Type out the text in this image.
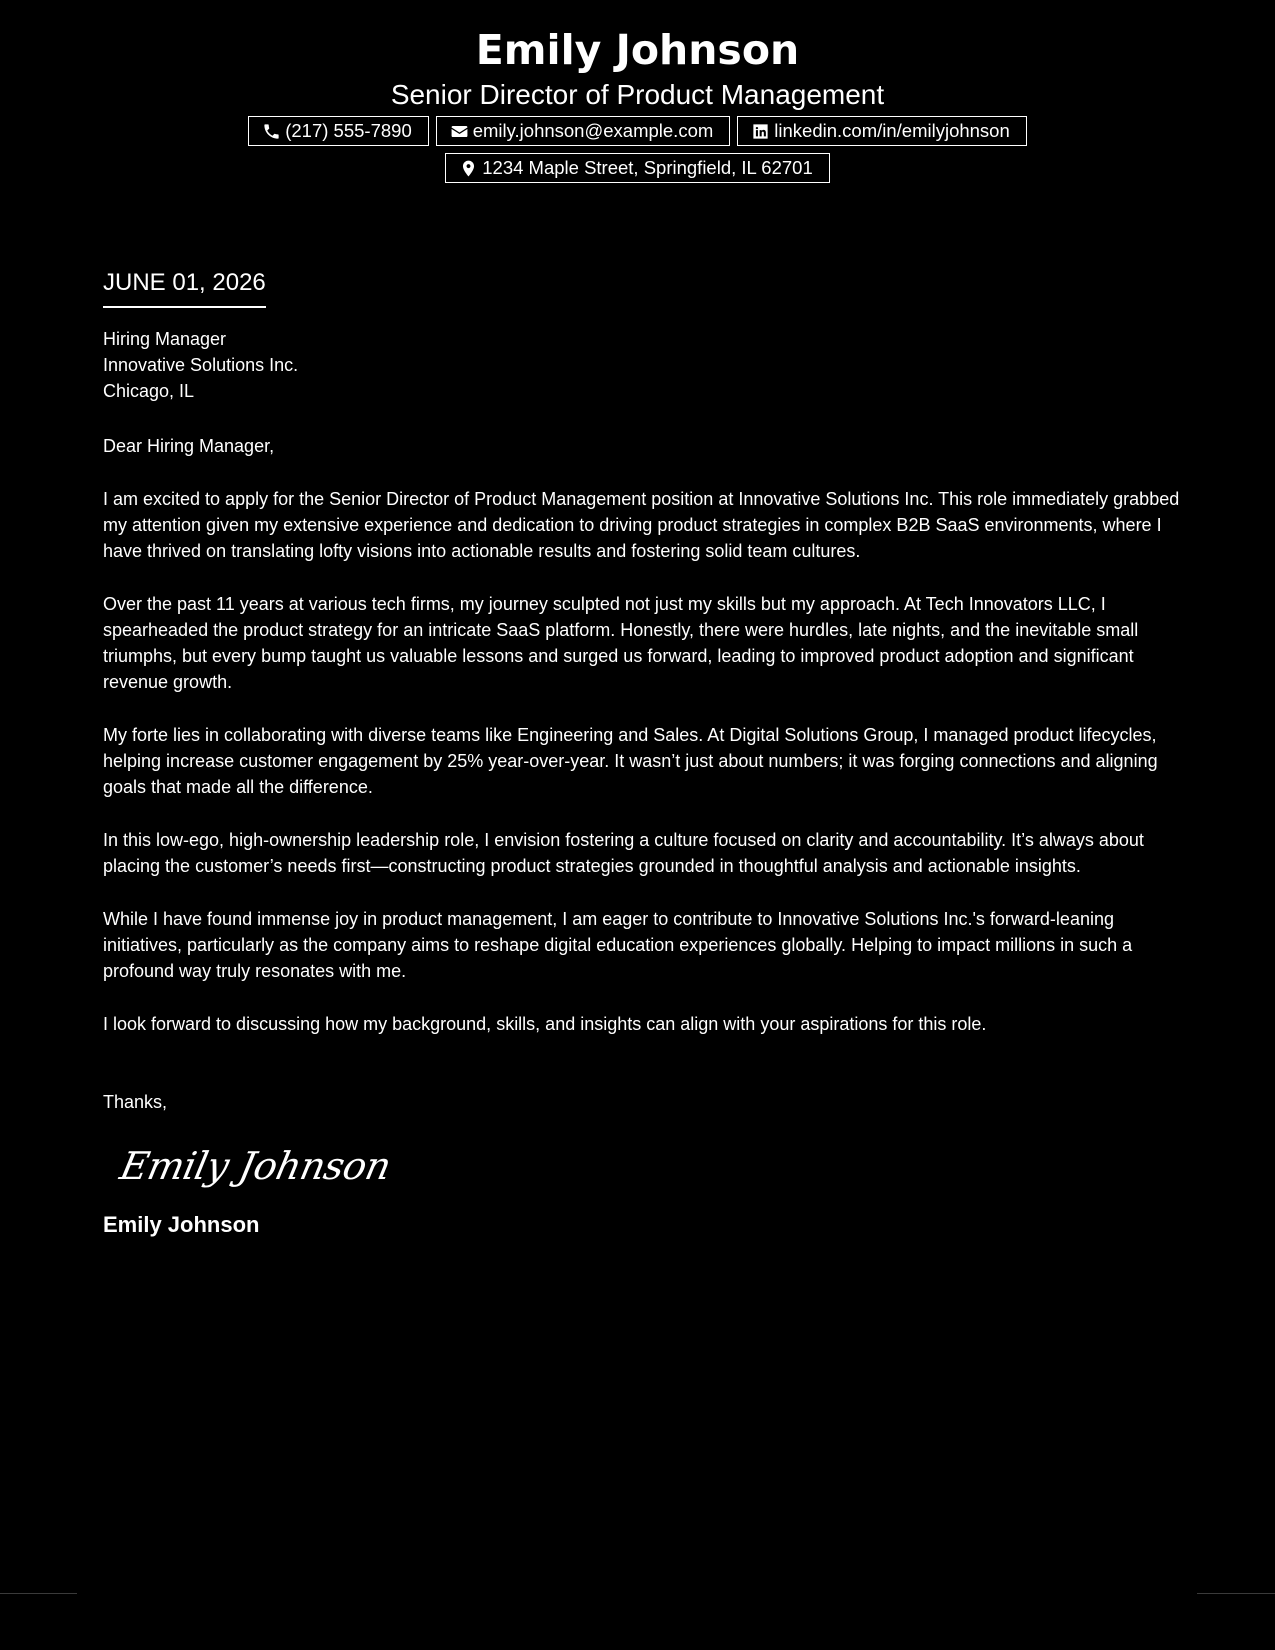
Emily Johnson
Senior Director of Product Management
(217) 555-7890	emily.johnson@example.com	linkedin.com/in/emilyjohnson
1234 Maple Street, Springfield, IL 62701
JUNE 01, 2026
Hiring Manager
Innovative Solutions Inc.
Chicago, IL
Dear Hiring Manager,
I am excited to apply for the Senior Director of Product Management position at Innovative Solutions Inc. This role immediately grabbed my attention given my extensive experience and dedication to driving product strategies in complex B2B SaaS environments, where I have thrived on translating lofty visions into actionable results and fostering solid team cultures.
Over the past 11 years at various tech firms, my journey sculpted not just my skills but my approach. At Tech Innovators LLC, I spearheaded the product strategy for an intricate SaaS platform. Honestly, there were hurdles, late nights, and the inevitable small triumphs, but every bump taught us valuable lessons and surged us forward, leading to improved product adoption and significant revenue growth.
My forte lies in collaborating with diverse teams like Engineering and Sales. At Digital Solutions Group, I managed product lifecycles, helping increase customer engagement by 25% year-over-year. It wasn’t just about numbers; it was forging connections and aligning goals that made all the difference.
In this low-ego, high-ownership leadership role, I envision fostering a culture focused on clarity and accountability. It’s always about placing the customer’s needs first—constructing product strategies grounded in thoughtful analysis and actionable insights.
While I have found immense joy in product management, I am eager to contribute to Innovative Solutions Inc.'s forward-leaning initiatives, particularly as the company aims to reshape digital education experiences globally. Helping to impact millions in such a profound way truly resonates with me.
I look forward to discussing how my background, skills, and insights can align with your aspirations for this role.
Thanks,
Emily Johnson
Emily Johnson
